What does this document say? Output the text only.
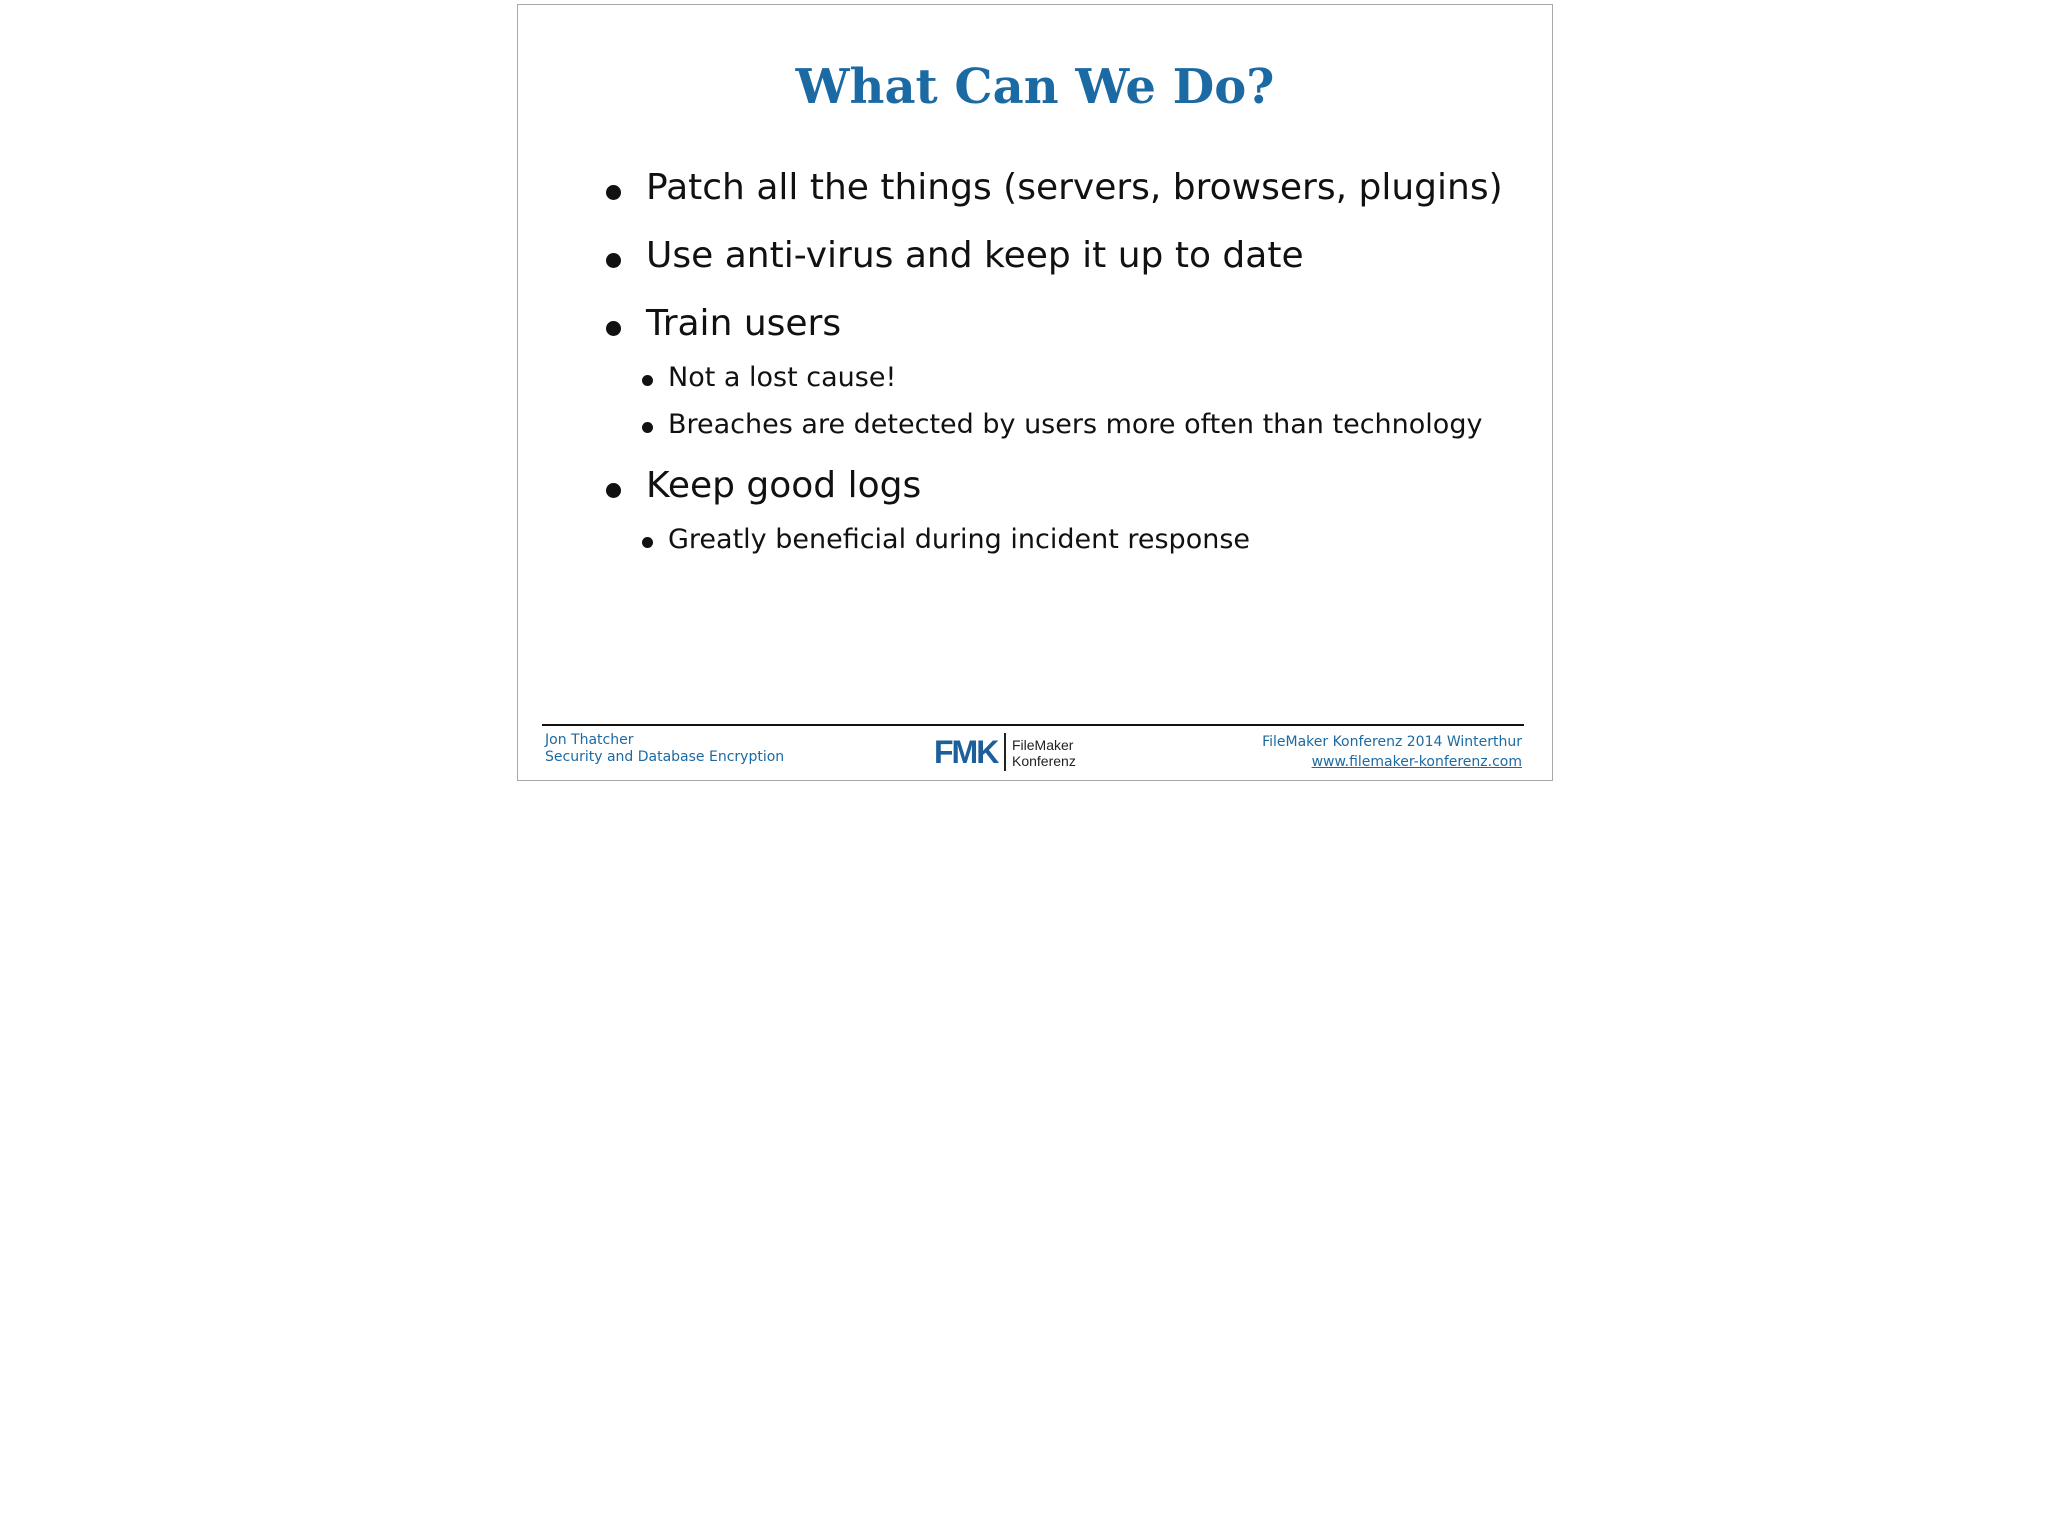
What Can We Do?
Patch all the things (servers, browsers, plugins)
Use anti-virus and keep it up to date
Train users
Not a lost cause!
Breaches are detected by users more often than technology
Keep good logs
Greatly beneficial during incident response
Jon Thatcher
Security and Database Encryption	FMK FileMaker
Konferenz
FileMaker Konferenz 2014 Winterthur
www.filemaker-konferenz.com
